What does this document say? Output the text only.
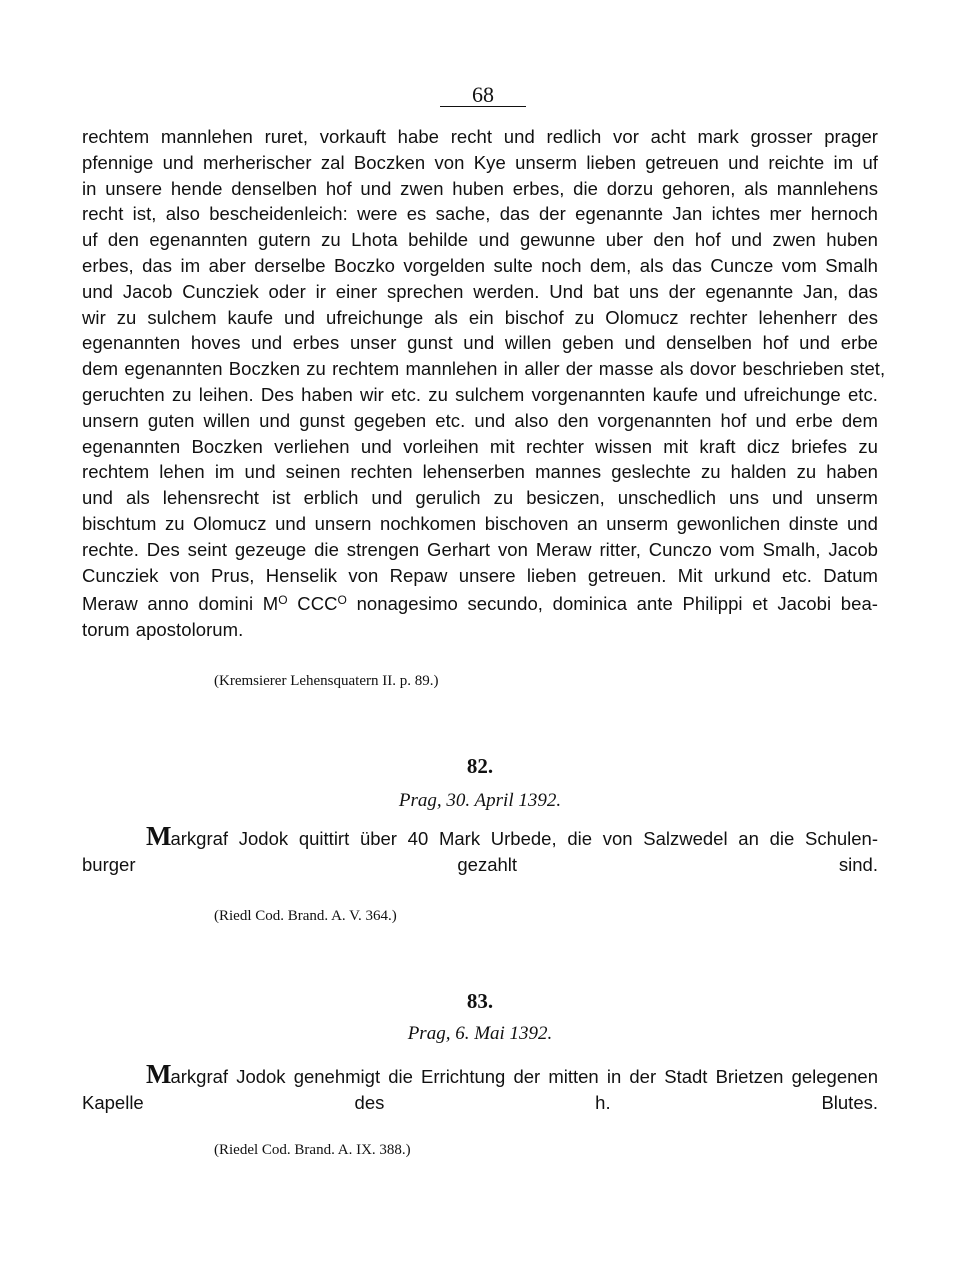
68
rechtem mannlehen ruret, vorkauft habe recht und redlich vor acht mark grosser prager
pfennige und merherischer zal Boczken von Kye unserm lieben getreuen und reichte im uf
in unsere hende denselben hof und zwen huben erbes, die dorzu gehoren, als mannlehens
recht ist, also bescheidenleich: were es sache, das der egenannte Jan ichtes mer hernoch
uf den egenannten gutern zu Lhota behilde und gewunne uber den hof und zwen huben
erbes, das im aber derselbe Boczko vorgelden sulte noch dem, als das Cuncze vom Smalh
und Jacob Cuncziek oder ir einer sprechen werden. Und bat uns der egenannte Jan, das
wir zu sulchem kaufe und ufreichunge als ein bischof zu Olomucz rechter lehenherr des
egenannten hoves und erbes unser gunst und willen geben und denselben hof und erbe
dem egenannten Boczken zu rechtem mannlehen in aller der masse als dovor beschrieben stet,
geruchten zu leihen. Des haben wir etc. zu sulchem vorgenannten kaufe und ufreichunge etc.
unsern guten willen und gunst gegeben etc. und also den vorgenannten hof und erbe dem
egenannten Boczken verliehen und vorleihen mit rechter wissen mit kraft dicz briefes zu
rechtem lehen im und seinen rechten lehenserben mannes geslechte zu halden zu haben
und als lehensrecht ist erblich und gerulich zu besiczen, unschedlich uns und unserm
bischtum zu Olomucz und unsern nochkomen bischoven an unserm gewonlichen dinste und
rechte. Des seint gezeuge die strengen Gerhart von Meraw ritter, Cunczo vom Smalh, Jacob
Cuncziek von Prus, Henselik von Repaw unsere lieben getreuen. Mit urkund etc. Datum
Meraw anno domini $M^O$ $CCC^O$ nonagesimo secundo, dominica ante Philippi et Jacobi bea-
torum apostolorum.
(Kremsierer Lehensquatern II. p. 89.)
82.
Prag, 30. April 1392.
Markgraf Jodok quittirt über 40 Mark Urbede, die von Salzwedel an die Schulen-
burger gezahlt sind.
(Riedl Cod. Brand. A. V. 364.)
83.
Prag, 6. Mai 1392.
Markgraf Jodok genehmigt die Errichtung der mitten in der Stadt Brietzen gelegenen
Kapelle des h. Blutes.
(Riedel Cod. Brand. A. IX. 388.)
